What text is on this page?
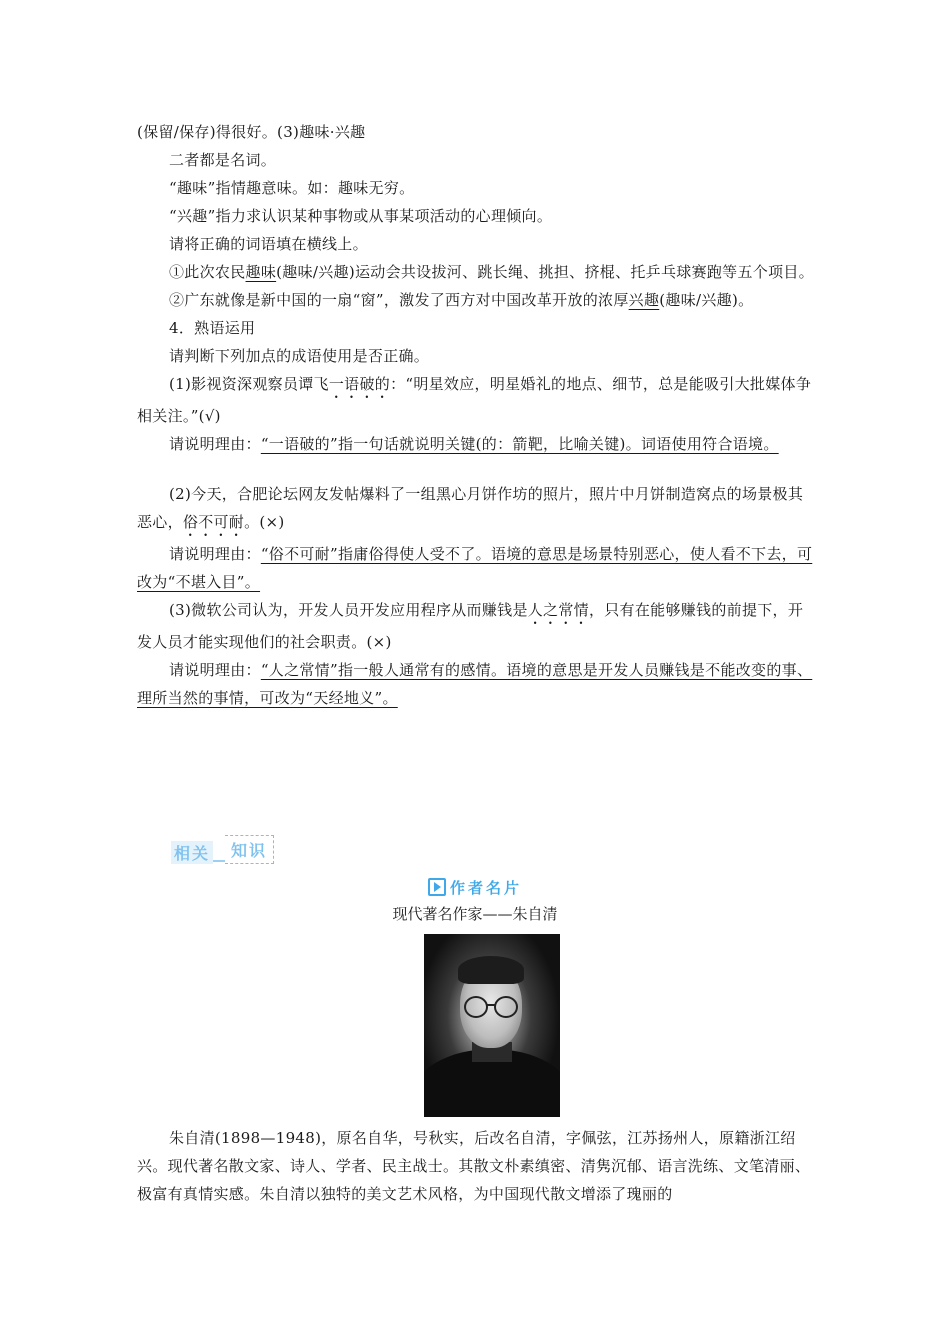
(保留/保存)得很好。(3)趣味·兴趣

二者都是名词。

“趣味”指情趣意味。如：趣味无穷。

“兴趣”指力求认识某种事物或从事某项活动的心理倾向。

请将正确的词语填在横线上。

①此次农民趣味(趣味/兴趣)运动会共设拔河、跳长绳、挑担、挤棍、托乒乓球赛跑等五个项目。

②广东就像是新中国的一扇“窗”，激发了西方对中国改革开放的浓厚兴趣(趣味/兴趣)。

4．熟语运用

请判断下列加点的成语使用是否正确。

(1)影视资深观察员谭飞一语破的：“明星效应，明星婚礼的地点、细节，总是能吸引大批媒体争相关注。”(√)

请说明理由：“一语破的”指一句话就说明关键(的：箭靶，比喻关键)。词语使用符合语境。

(2)今天，合肥论坛网友发帖爆料了一组黑心月饼作坊的照片，照片中月饼制造窝点的场景极其恶心，俗不可耐。(×)

请说明理由：“俗不可耐”指庸俗得使人受不了。语境的意思是场景特别恶心，使人看不下去，可改为“不堪入目”。

(3)微软公司认为，开发人员开发应用程序从而赚钱是人之常情，只有在能够赚钱的前提下，开发人员才能实现他们的社会职责。(×)

请说明理由：“人之常情”指一般人通常有的感情。语境的意思是开发人员赚钱是不能改变的事、理所当然的事情，可改为“天经地义”。

相关	知识
作者名片
现代著名作家——朱自清

朱自清(1898—1948)，原名自华，号秋实，后改名自清，字佩弦，江苏扬州人，原籍浙江绍兴。现代著名散文家、诗人、学者、民主战士。其散文朴素缜密、清隽沉郁、语言洗练、文笔清丽、极富有真情实感。朱自清以独特的美文艺术风格，为中国现代散文增添了瑰丽的
